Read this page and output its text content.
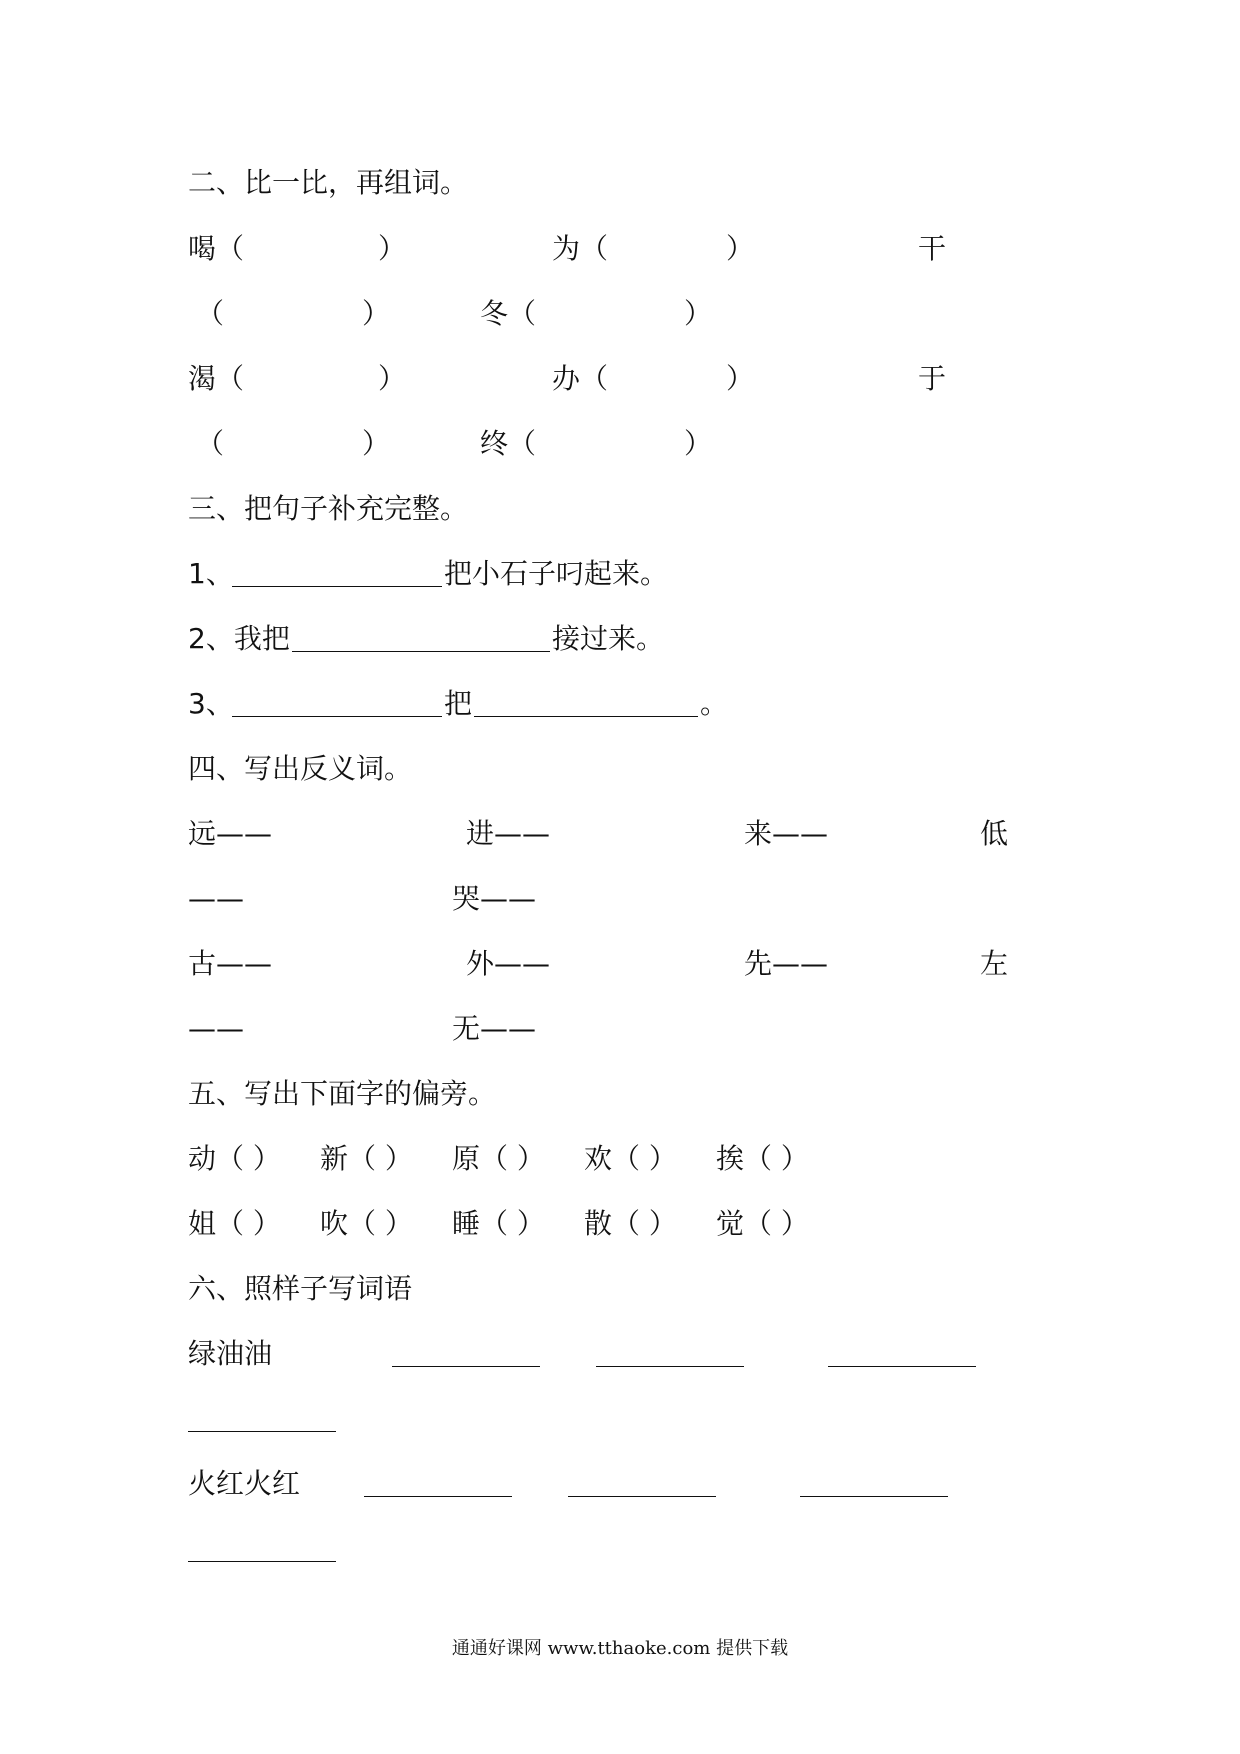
二、比一比，再组词。
喝（	）	为（	）	干
（	）	冬（	）
渴（	）	办（	）	于
（	）	终（	）
三、把句子补充完整。
1、	把小石子叼起来。
2、我把	接过来。
3、	把	。
四、写出反义词。
远——	进——	来——	低
——	哭——
古——	外——	先——	左
——	无——
五、写出下面字的偏旁。
动（ ） 新（ ） 原（ ） 欢（ ） 挨（ ）
姐（ ） 吹（ ） 睡（ ） 散（ ） 觉（ ）
六、照样子写词语
绿油油
火红火红
通通好课网 www.tthaoke.com 提供下载
